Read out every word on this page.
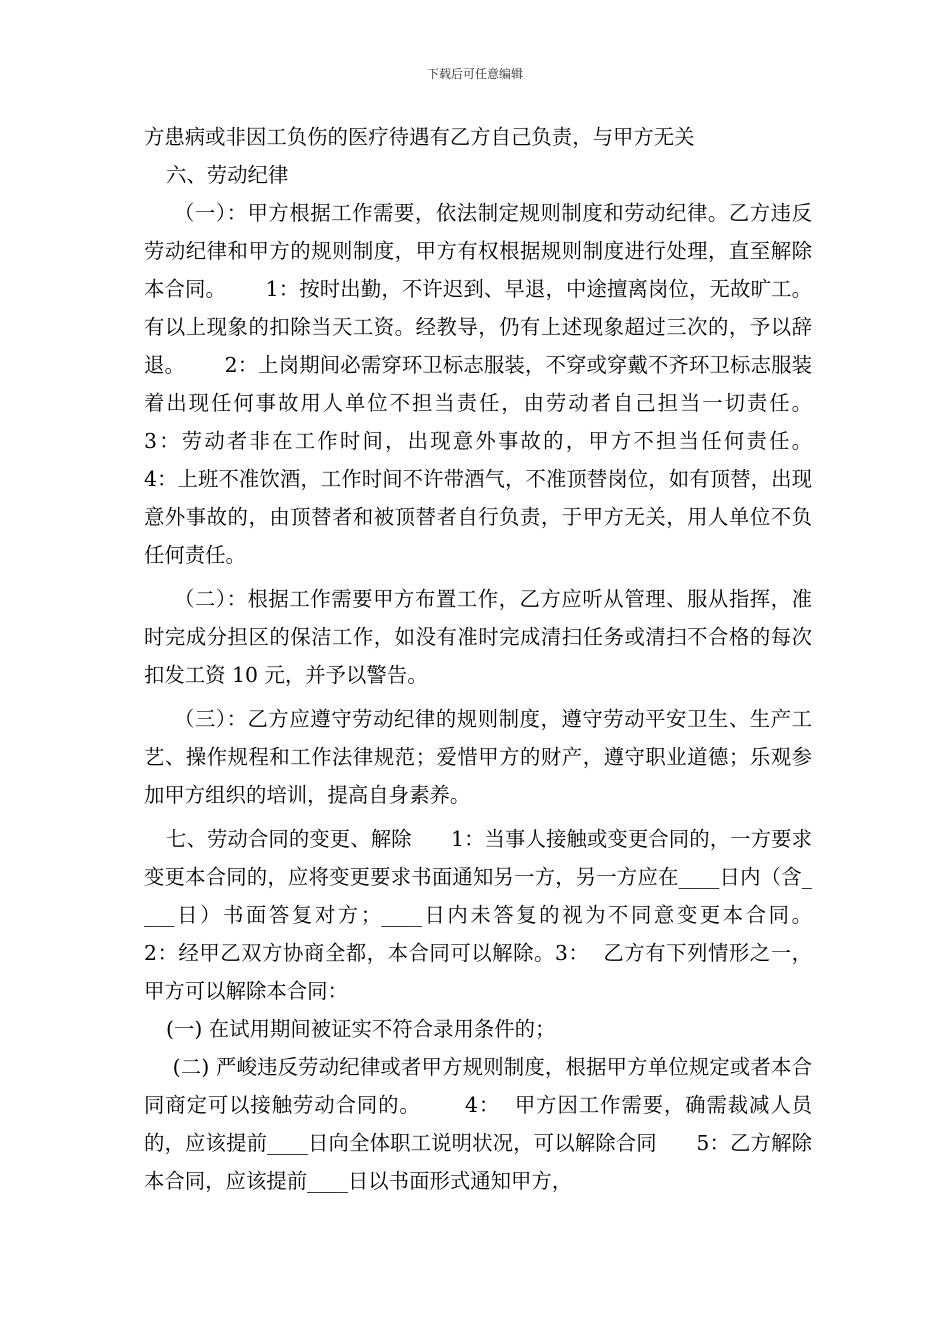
下载后可任意编辑

方患病或非因工负伤的医疗待遇有乙方自己负责，与甲方无关

六、劳动纪律

（一）：甲方根据工作需要，依法制定规则制度和劳动纪律。乙方违反劳动纪律和甲方的规则制度，甲方有权根据规则制度进行处理，直至解除本合同。      1：按时出勤，不许迟到、早退，中途擅离岗位，无故旷工。有以上现象的扣除当天工资。经教导，仍有上述现象超过三次的，予以辞退。      2：上岗期间必需穿环卫标志服装，不穿或穿戴不齐环卫标志服装着出现任何事故用人单位不担当责任，由劳动者自己担当一切责任。      3：劳动者非在工作时间，出现意外事故的，甲方不担当任何责任。      4：上班不准饮酒，工作时间不许带酒气，不准顶替岗位，如有顶替，出现意外事故的，由顶替者和被顶替者自行负责，于甲方无关，用人单位不负任何责任。

（二）：根据工作需要甲方布置工作，乙方应听从管理、服从指挥，准时完成分担区的保洁工作，如没有准时完成清扫任务或清扫不合格的每次扣发工资 10 元，并予以警告。

（三）：乙方应遵守劳动纪律的规则制度，遵守劳动平安卫生、生产工艺、操作规程和工作法律规范；爱惜甲方的财产，遵守职业道德；乐观参加甲方组织的培训，提高自身素养。

七、劳动合同的变更、解除      1：当事人接触或变更合同的，一方要求变更本合同的，应将变更要求书面通知另一方，另一方应在____日内（含____日）书面答复对方；____日内未答复的视为不同意变更本合同。      2：经甲乙双方协商全都，本合同可以解除。3：  乙方有下列情形之一，甲方可以解除本合同：

(一) 在试用期间被证实不符合录用条件的；

(二) 严峻违反劳动纪律或者甲方规则制度，根据甲方单位规定或者本合同商定可以接触劳动合同的。      4：  甲方因工作需要，确需裁减人员的，应该提前____日向全体职工说明状况，可以解除合同      5：乙方解除本合同，应该提前____日以书面形式通知甲方，
